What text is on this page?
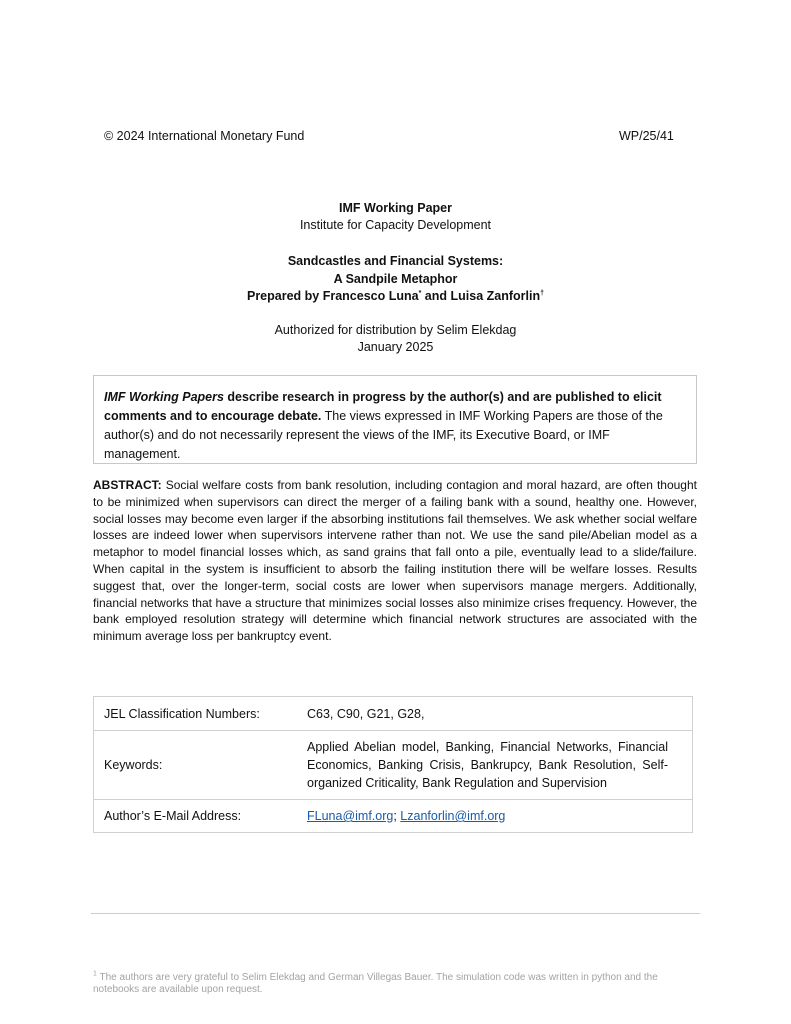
© 2024 International Monetary Fund	WP/25/41
IMF Working Paper
Institute for Capacity Development
Sandcastles and Financial Systems:
A Sandpile Metaphor
Prepared by Francesco Luna* and Luisa Zanforlin†
Authorized for distribution by Selim Elekdag
January 2025
IMF Working Papers describe research in progress by the author(s) and are published to elicit comments and to encourage debate. The views expressed in IMF Working Papers are those of the author(s) and do not necessarily represent the views of the IMF, its Executive Board, or IMF management.
ABSTRACT: Social welfare costs from bank resolution, including contagion and moral hazard, are often thought to be minimized when supervisors can direct the merger of a failing bank with a sound, healthy one. However, social losses may become even larger if the absorbing institutions fail themselves. We ask whether social welfare losses are indeed lower when supervisors intervene rather than not. We use the sand pile/Abelian model as a metaphor to model financial losses which, as sand grains that fall onto a pile, eventually lead to a slide/failure. When capital in the system is insufficient to absorb the failing institution there will be welfare losses. Results suggest that, over the longer-term, social costs are lower when supervisors manage mergers. Additionally, financial networks that have a structure that minimizes social losses also minimize crises frequency. However, the bank employed resolution strategy will determine which financial network structures are associated with the minimum average loss per bankruptcy event.
JEL Classification Numbers:	C63, C90, G21, G28,
Keywords:	Applied Abelian model, Banking, Financial Networks, Financial Economics, Banking Crisis, Bankrupcy, Bank Resolution, Self-organized Criticality, Bank Regulation and Supervision
Author’s E-Mail Address:	FLuna@imf.org; Lzanforlin@imf.org
$^1$ The authors are very grateful to Selim Elekdag and German Villegas Bauer. The simulation code was written in python and the notebooks are available upon request.
